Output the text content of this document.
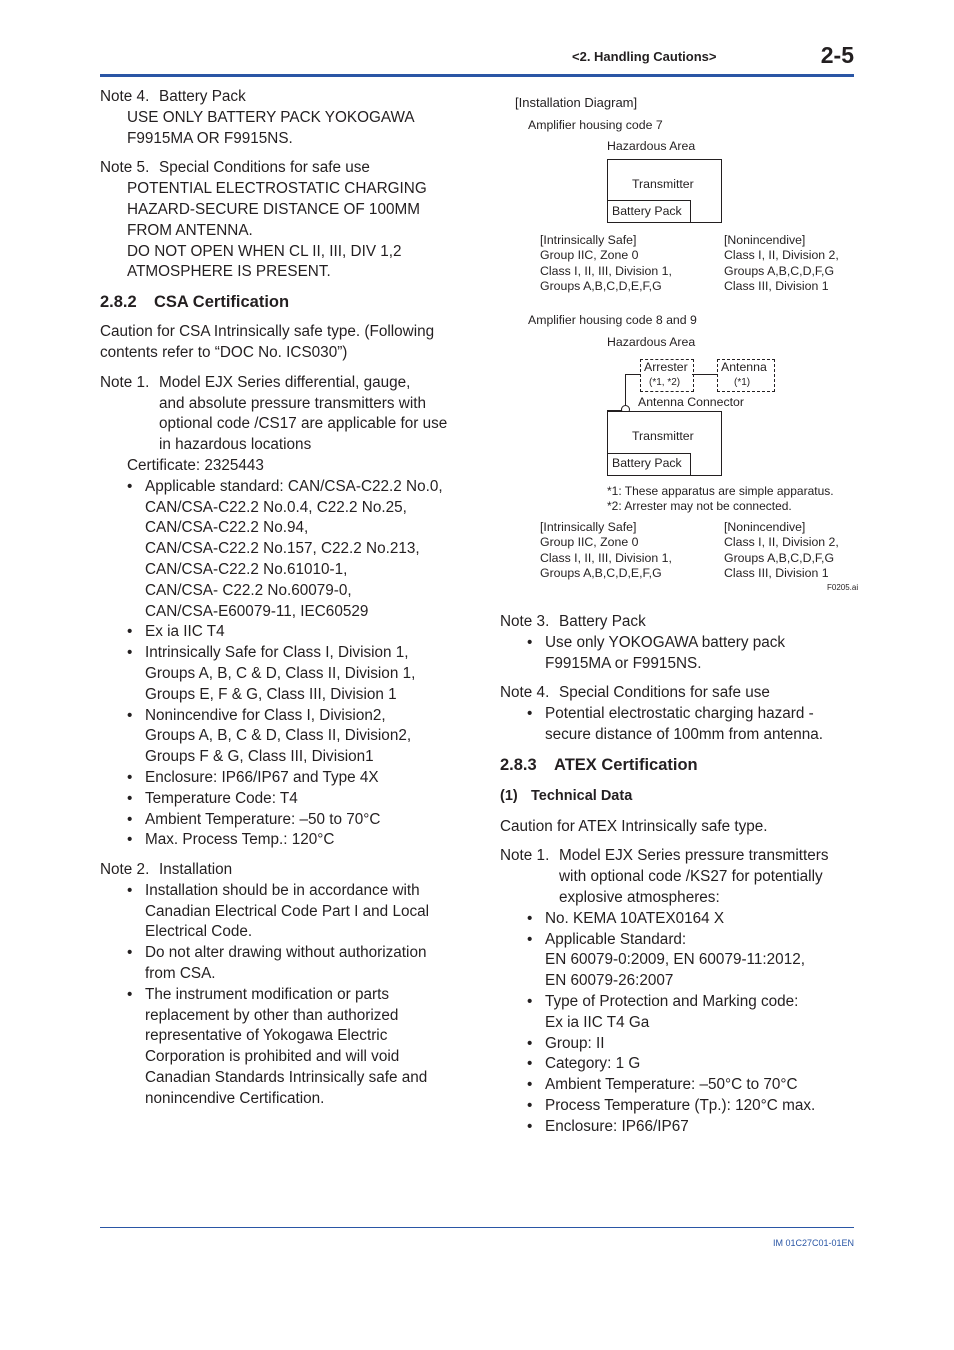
<2. Handling Cautions>	2-5
Note 4. Battery Pack

USE ONLY BATTERY PACK YOKOGAWA

F9915MA OR F9915NS.

Note 5. Special Conditions for safe use

POTENTIAL ELECTROSTATIC CHARGING

HAZARD-SECURE DISTANCE OF 100MM

FROM ANTENNA.

DO NOT OPEN WHEN CL II, III, DIV 1,2

ATMOSPHERE IS PRESENT.

2.8.2 CSA Certification

Caution for CSA Intrinsically safe type. (Following

contents refer to “DOC No. ICS030”)

Note 1. Model EJX Series differential, gauge,

and absolute pressure transmitters with

optional code /CS17 are applicable for use

in hazardous locations

Certificate: 2325443

• Applicable standard: CAN/CSA-C22.2 No.0,
CAN/CSA-C22.2 No.0.4, C22.2 No.25,
CAN/CSA-C22.2 No.94,
CAN/CSA-C22.2 No.157, C22.2 No.213,
CAN/CSA-C22.2 No.61010-1,
CAN/CSA- C22.2 No.60079-0,
CAN/CSA-E60079-11, IEC60529
• Ex ia IIC T4
• Intrinsically Safe for Class I, Division 1,
Groups A, B, C & D, Class II, Division 1,
Groups E, F & G, Class III, Division 1
• Nonincendive for Class I, Division2,
Groups A, B, C & D, Class II, Division2,
Groups F & G, Class III, Division1
• Enclosure: IP66/IP67 and Type 4X
• Temperature Code: T4
• Ambient Temperature: –50 to 70°C
• Max. Process Temp.: 120°C
Note 2. Installation
• Installation should be in accordance with
Canadian Electrical Code Part I and Local
Electrical Code.
• Do not alter drawing without authorization
from CSA.
• The instrument modification or parts
replacement by other than authorized
representative of Yokogawa Electric
Corporation is prohibited and will void
Canadian Standards Intrinsically safe and
nonincendive Certification.
[Installation Diagram]
Amplifier housing code 7
Hazardous Area
Transmitter
Battery Pack
[Intrinsically Safe]
Group IIC, Zone 0
Class I, II, III, Division 1,
Groups A,B,C,D,E,F,G
[Nonincendive]
Class I, II, Division 2,
Groups A,B,C,D,F,G
Class III, Division 1
Amplifier housing code 8 and 9
Hazardous Area
Arrester
(*1, *2)
Antenna
(*1)
Antenna Connector
Transmitter
Battery Pack
*1: These apparatus are simple apparatus.
*2: Arrester may not be connected.
[Intrinsically Safe]
Group IIC, Zone 0
Class I, II, III, Division 1,
Groups A,B,C,D,E,F,G
[Nonincendive]
Class I, II, Division 2,
Groups A,B,C,D,F,G
Class III, Division 1
F0205.ai
Note 3. Battery Pack
• Use only YOKOGAWA battery pack
F9915MA or F9915NS.
Note 4. Special Conditions for safe use
• Potential electrostatic charging hazard -
secure distance of 100mm from antenna.
2.8.3 ATEX Certification
(1) Technical Data

Caution for ATEX Intrinsically safe type.

Note 1. Model EJX Series pressure transmitters

with optional code /KS27 for potentially

explosive atmospheres:

• No. KEMA 10ATEX0164 X
• Applicable Standard:
EN 60079-0:2009, EN 60079-11:2012,
EN 60079-26:2007
• Type of Protection and Marking code:
Ex ia IIC T4 Ga
• Group: II
• Category: 1 G
• Ambient Temperature: –50°C to 70°C
• Process Temperature (Tp.): 120°C max.
• Enclosure: IP66/IP67
IM 01C27C01-01EN
